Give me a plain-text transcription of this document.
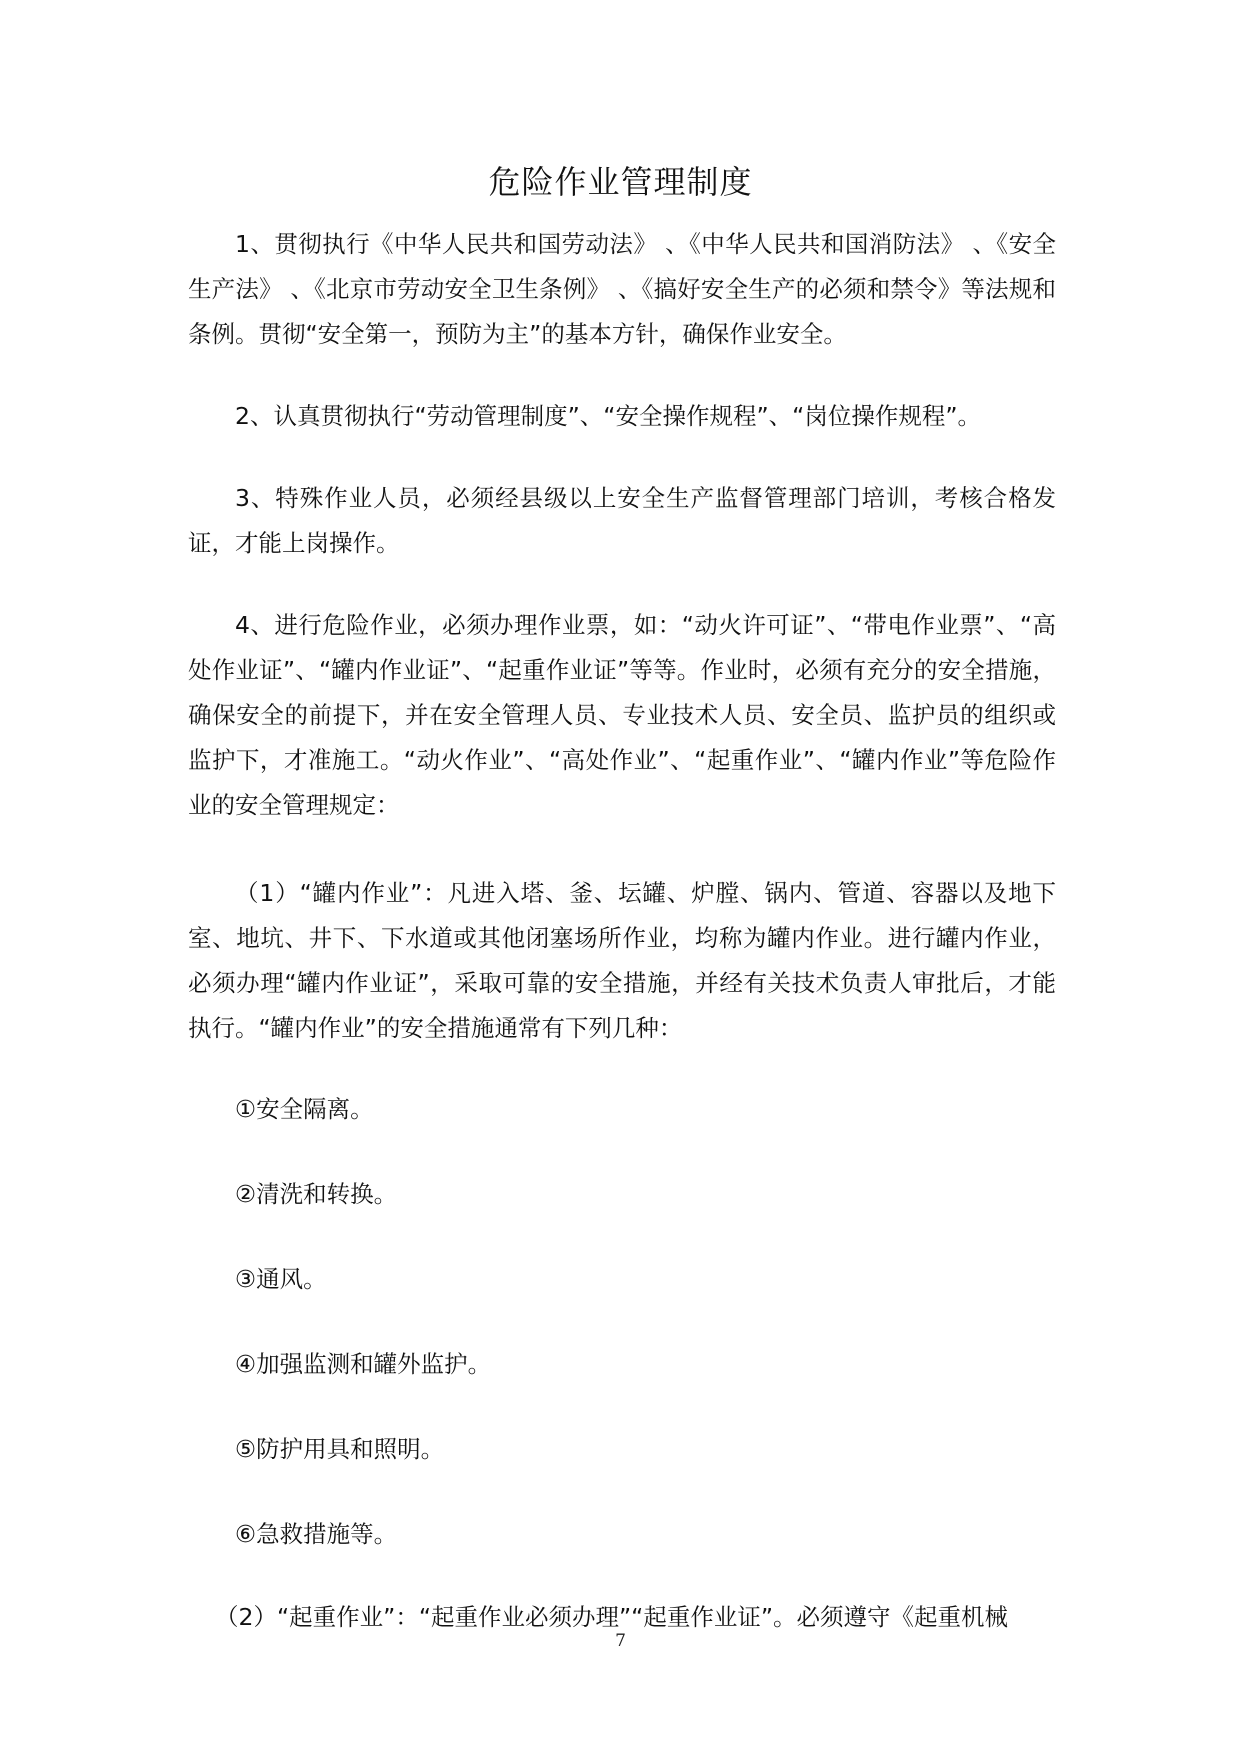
危险作业管理制度

1、贯彻执行《中华人民共和国劳动法》 、《中华人民共和国消防法》 、《安全生产法》 、《北京市劳动安全卫生条例》 、《搞好安全生产的必须和禁令》等法规和条例。贯彻“安全第一，预防为主”的基本方针，确保作业安全。

2、认真贯彻执行“劳动管理制度”、“安全操作规程”、“岗位操作规程”。

3、特殊作业人员，必须经县级以上安全生产监督管理部门培训，考核合格发证，才能上岗操作。

4、进行危险作业，必须办理作业票，如：“动火许可证”、“带电作业票”、“高处作业证”、“罐内作业证”、“起重作业证”等等。作业时，必须有充分的安全措施，确保安全的前提下，并在安全管理人员、专业技术人员、安全员、监护员的组织或监护下，才准施工。“动火作业”、“高处作业”、“起重作业”、“罐内作业”等危险作业的安全管理规定：

（1）“罐内作业”：凡进入塔、釜、坛罐、炉膛、锅内、管道、容器以及地下室、地坑、井下、下水道或其他闭塞场所作业，均称为罐内作业。进行罐内作业，必须办理“罐内作业证”，采取可靠的安全措施，并经有关技术负责人审批后，才能执行。“罐内作业”的安全措施通常有下列几种：

①安全隔离。

②清洗和转换。

③通风。

④加强监测和罐外监护。

⑤防护用具和照明。

⑥急救措施等。

（2）“起重作业”：“起重作业必须办理”“起重作业证”。必须遵守《起重机械

7
